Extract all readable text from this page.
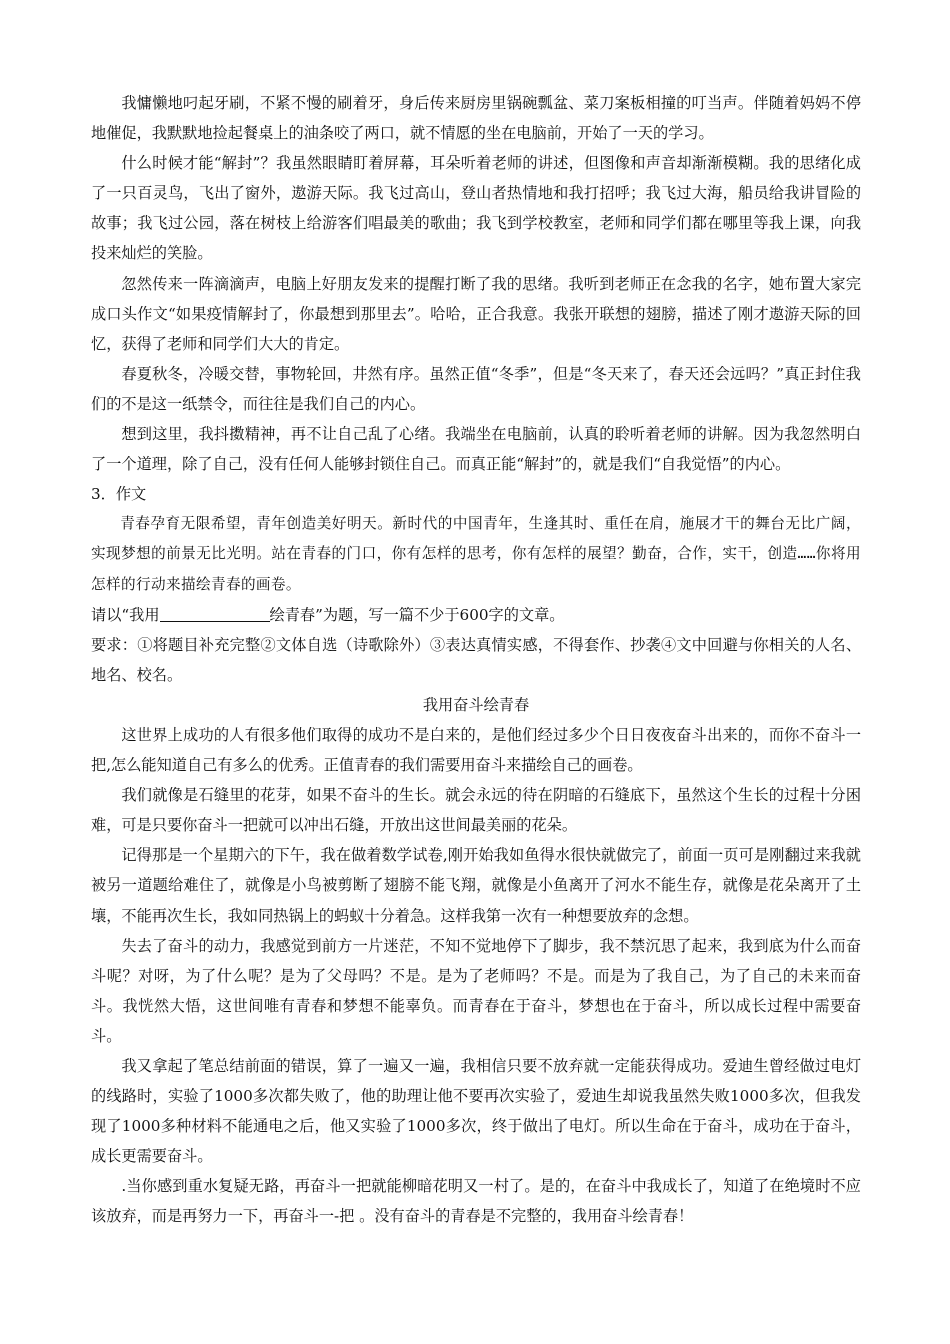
我慵懒地叼起牙刷，不紧不慢的刷着牙，身后传来厨房里锅碗瓢盆、菜刀案板相撞的叮当声。伴随着妈妈不停地催促，我默默地捡起餐桌上的油条咬了两口，就不情愿的坐在电脑前，开始了一天的学习。

什么时候才能“解封”？我虽然眼睛盯着屏幕，耳朵听着老师的讲述，但图像和声音却渐渐模糊。我的思绪化成了一只百灵鸟，飞出了窗外，遨游天际。我飞过高山，登山者热情地和我打招呼；我飞过大海，船员给我讲冒险的故事；我飞过公园，落在树枝上给游客们唱最美的歌曲；我飞到学校教室，老师和同学们都在哪里等我上课，向我投来灿烂的笑脸。

忽然传来一阵滴滴声，电脑上好朋友发来的提醒打断了我的思绪。我听到老师正在念我的名字，她布置大家完成口头作文“如果疫情解封了，你最想到那里去”。哈哈，正合我意。我张开联想的翅膀，描述了刚才遨游天际的回忆，获得了老师和同学们大大的肯定。

春夏秋冬，冷暖交替，事物轮回，井然有序。虽然正值“冬季”，但是“冬天来了，春天还会远吗？”真正封住我们的不是这一纸禁令，而往往是我们自己的内心。

想到这里，我抖擞精神，再不让自己乱了心绪。我端坐在电脑前，认真的聆听着老师的讲解。因为我忽然明白了一个道理，除了自己，没有任何人能够封锁住自己。而真正能“解封”的，就是我们“自我觉悟”的内心。

3．作文

青春孕育无限希望，青年创造美好明天。新时代的中国青年，生逢其时、重任在肩，施展才干的舞台无比广阔，实现梦想的前景无比光明。站在青春的门口，你有怎样的思考，你有怎样的展望？勤奋，合作，实干，创造……你将用怎样的行动来描绘青春的画卷。

请以“我用	绘青春”为题，写一篇不少于600字的文章。

要求：①将题目补充完整②文体自选（诗歌除外）③表达真情实感，不得套作、抄袭④文中回避与你相关的人名、地名、校名。

我用奋斗绘青春

这世界上成功的人有很多他们取得的成功不是白来的，是他们经过多少个日日夜夜奋斗出来的，而你不奋斗一把,怎么能知道自己有多么的优秀。正值青春的我们需要用奋斗来描绘自己的画卷。

我们就像是石缝里的花芽，如果不奋斗的生长。就会永远的待在阴暗的石缝底下，虽然这个生长的过程十分困难，可是只要你奋斗一把就可以冲出石缝，开放出这世间最美丽的花朵。

记得那是一个星期六的下午，我在做着数学试卷,刚开始我如鱼得水很快就做完了，前面一页可是刚翻过来我就被另一道题给难住了，就像是小鸟被剪断了翅膀不能飞翔，就像是小鱼离开了河水不能生存，就像是花朵离开了土壤，不能再次生长，我如同热锅上的蚂蚁十分着急。这样我第一次有一种想要放弃的念想。

失去了奋斗的动力，我感觉到前方一片迷茫，不知不觉地停下了脚步，我不禁沉思了起来，我到底为什么而奋斗呢？对呀，为了什么呢？是为了父母吗？不是。是为了老师吗？不是。而是为了我自己，为了自己的未来而奋斗。我恍然大悟，这世间唯有青春和梦想不能辜负。而青春在于奋斗，梦想也在于奋斗，所以成长过程中需要奋斗。

我又拿起了笔总结前面的错误，算了一遍又一遍，我相信只要不放弃就一定能获得成功。爱迪生曾经做过电灯的线路时，实验了1000多次都失败了，他的助理让他不要再次实验了，爱迪生却说我虽然失败1000多次，但我发现了1000多种材料不能通电之后，他又实验了1000多次，终于做出了电灯。所以生命在于奋斗，成功在于奋斗，成长更需要奋斗。

.当你感到重水复疑无路，再奋斗一把就能柳暗花明又一村了。是的，在奋斗中我成长了，知道了在绝境时不应该放弃，而是再努力一下，再奋斗一-把 。没有奋斗的青春是不完整的，我用奋斗绘青春！
